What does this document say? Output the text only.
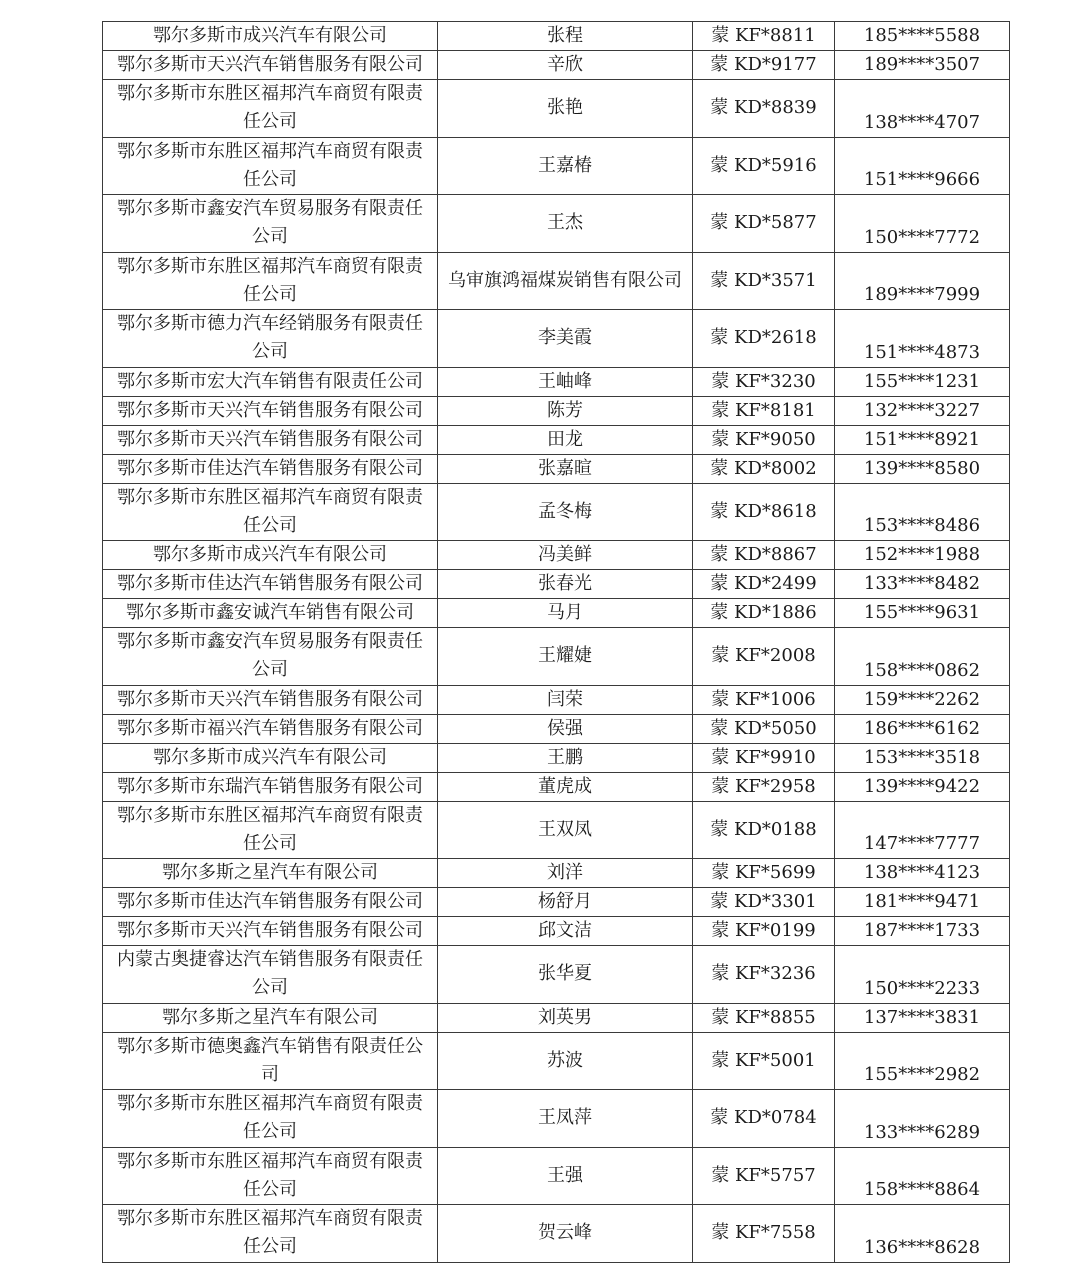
鄂尔多斯市成兴汽车有限公司	张程	蒙 KF*8811	185****5588
鄂尔多斯市天兴汽车销售服务有限公司	辛欣	蒙 KD*9177	189****3507
鄂尔多斯市东胜区福邦汽车商贸有限责任公司	张艳	蒙 KD*8839	138****4707
鄂尔多斯市东胜区福邦汽车商贸有限责任公司	王嘉椿	蒙 KD*5916	151****9666
鄂尔多斯市鑫安汽车贸易服务有限责任公司	王杰	蒙 KD*5877	150****7772
鄂尔多斯市东胜区福邦汽车商贸有限责任公司	乌审旗鸿福煤炭销售有限公司	蒙 KD*3571	189****7999
鄂尔多斯市德力汽车经销服务有限责任公司	李美霞	蒙 KD*2618	151****4873
鄂尔多斯市宏大汽车销售有限责任公司	王岫峰	蒙 KF*3230	155****1231
鄂尔多斯市天兴汽车销售服务有限公司	陈芳	蒙 KF*8181	132****3227
鄂尔多斯市天兴汽车销售服务有限公司	田龙	蒙 KF*9050	151****8921
鄂尔多斯市佳达汽车销售服务有限公司	张嘉暄	蒙 KD*8002	139****8580
鄂尔多斯市东胜区福邦汽车商贸有限责任公司	孟冬梅	蒙 KD*8618	153****8486
鄂尔多斯市成兴汽车有限公司	冯美鲜	蒙 KD*8867	152****1988
鄂尔多斯市佳达汽车销售服务有限公司	张春光	蒙 KD*2499	133****8482
鄂尔多斯市鑫安诚汽车销售有限公司	马月	蒙 KD*1886	155****9631
鄂尔多斯市鑫安汽车贸易服务有限责任公司	王耀婕	蒙 KF*2008	158****0862
鄂尔多斯市天兴汽车销售服务有限公司	闫荣	蒙 KF*1006	159****2262
鄂尔多斯市福兴汽车销售服务有限公司	侯强	蒙 KD*5050	186****6162
鄂尔多斯市成兴汽车有限公司	王鹏	蒙 KF*9910	153****3518
鄂尔多斯市东瑞汽车销售服务有限公司	董虎成	蒙 KF*2958	139****9422
鄂尔多斯市东胜区福邦汽车商贸有限责任公司	王双凤	蒙 KD*0188	147****7777
鄂尔多斯之星汽车有限公司	刘洋	蒙 KF*5699	138****4123
鄂尔多斯市佳达汽车销售服务有限公司	杨舒月	蒙 KD*3301	181****9471
鄂尔多斯市天兴汽车销售服务有限公司	邱文洁	蒙 KF*0199	187****1733
内蒙古奥捷睿达汽车销售服务有限责任公司	张华夏	蒙 KF*3236	150****2233
鄂尔多斯之星汽车有限公司	刘英男	蒙 KF*8855	137****3831
鄂尔多斯市德奥鑫汽车销售有限责任公司	苏波	蒙 KF*5001	155****2982
鄂尔多斯市东胜区福邦汽车商贸有限责任公司	王凤萍	蒙 KD*0784	133****6289
鄂尔多斯市东胜区福邦汽车商贸有限责任公司	王强	蒙 KF*5757	158****8864
鄂尔多斯市东胜区福邦汽车商贸有限责任公司	贺云峰	蒙 KF*7558	136****8628
